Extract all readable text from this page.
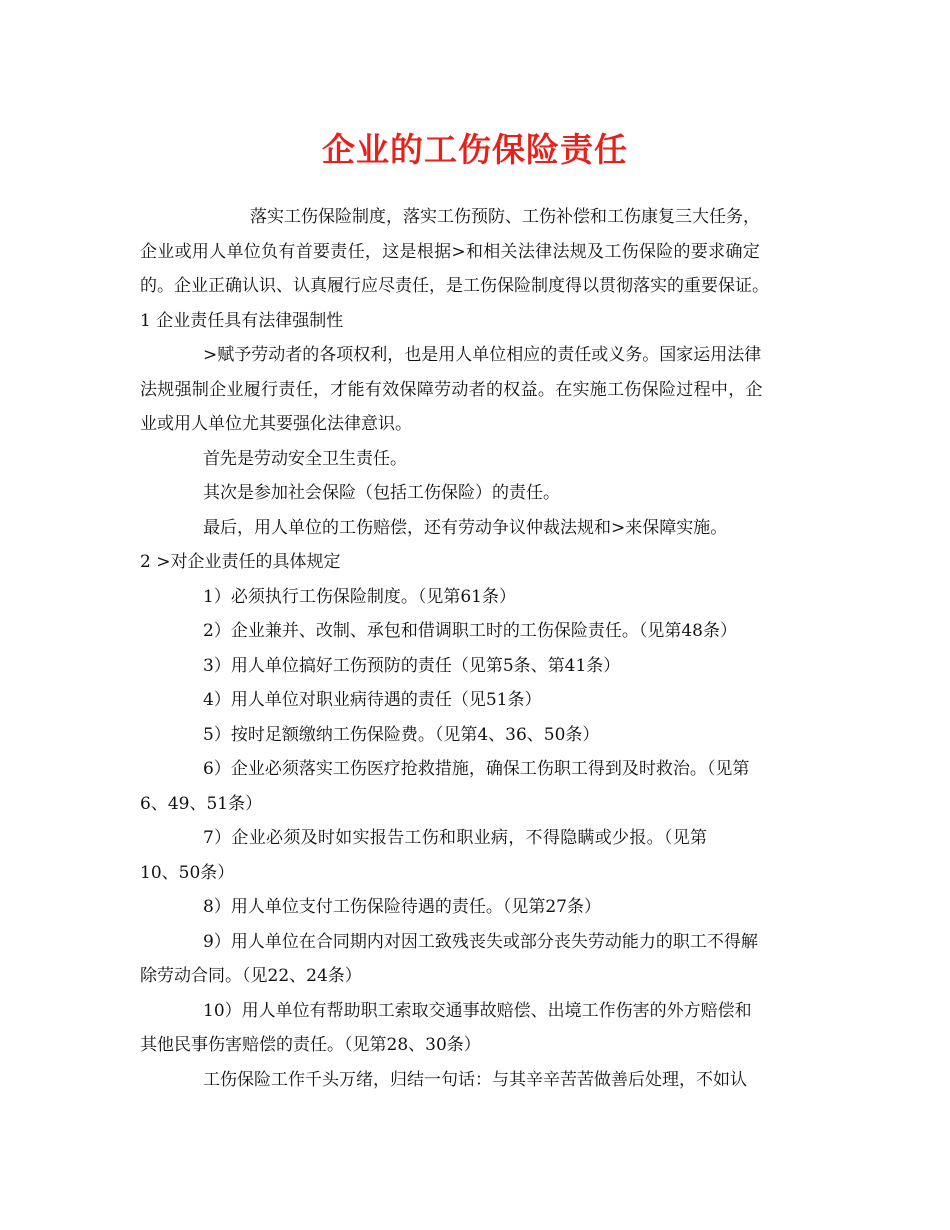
企业的工伤保险责任
落实工伤保险制度，落实工伤预防、工伤补偿和工伤康复三大任务，
企业或用人单位负有首要责任，这是根据>和相关法律法规及工伤保险的要求确定
的。企业正确认识、认真履行应尽责任，是工伤保险制度得以贯彻落实的重要保证。
1 企业责任具有法律强制性
>赋予劳动者的各项权利，也是用人单位相应的责任或义务。国家运用法律
法规强制企业履行责任，才能有效保障劳动者的权益。在实施工伤保险过程中，企
业或用人单位尤其要强化法律意识。
首先是劳动安全卫生责任。
其次是参加社会保险（包括工伤保险）的责任。
最后，用人单位的工伤赔偿，还有劳动争议仲裁法规和>来保障实施。
2 >对企业责任的具体规定
1）必须执行工伤保险制度。（见第61条）
2）企业兼并、改制、承包和借调职工时的工伤保险责任。（见第48条）
3）用人单位搞好工伤预防的责任（见第5条、第41条）
4）用人单位对职业病待遇的责任（见51条）
5）按时足额缴纳工伤保险费。（见第4、36、50条）
6）企业必须落实工伤医疗抢救措施，确保工伤职工得到及时救治。（见第
6、49、51条）
7）企业必须及时如实报告工伤和职业病，不得隐瞒或少报。（见第
10、50条）
8）用人单位支付工伤保险待遇的责任。（见第27条）
9）用人单位在合同期内对因工致残丧失或部分丧失劳动能力的职工不得解
除劳动合同。（见22、24条）
10）用人单位有帮助职工索取交通事故赔偿、出境工作伤害的外方赔偿和
其他民事伤害赔偿的责任。（见第28、30条）
工伤保险工作千头万绪，归结一句话：与其辛辛苦苦做善后处理，不如认
